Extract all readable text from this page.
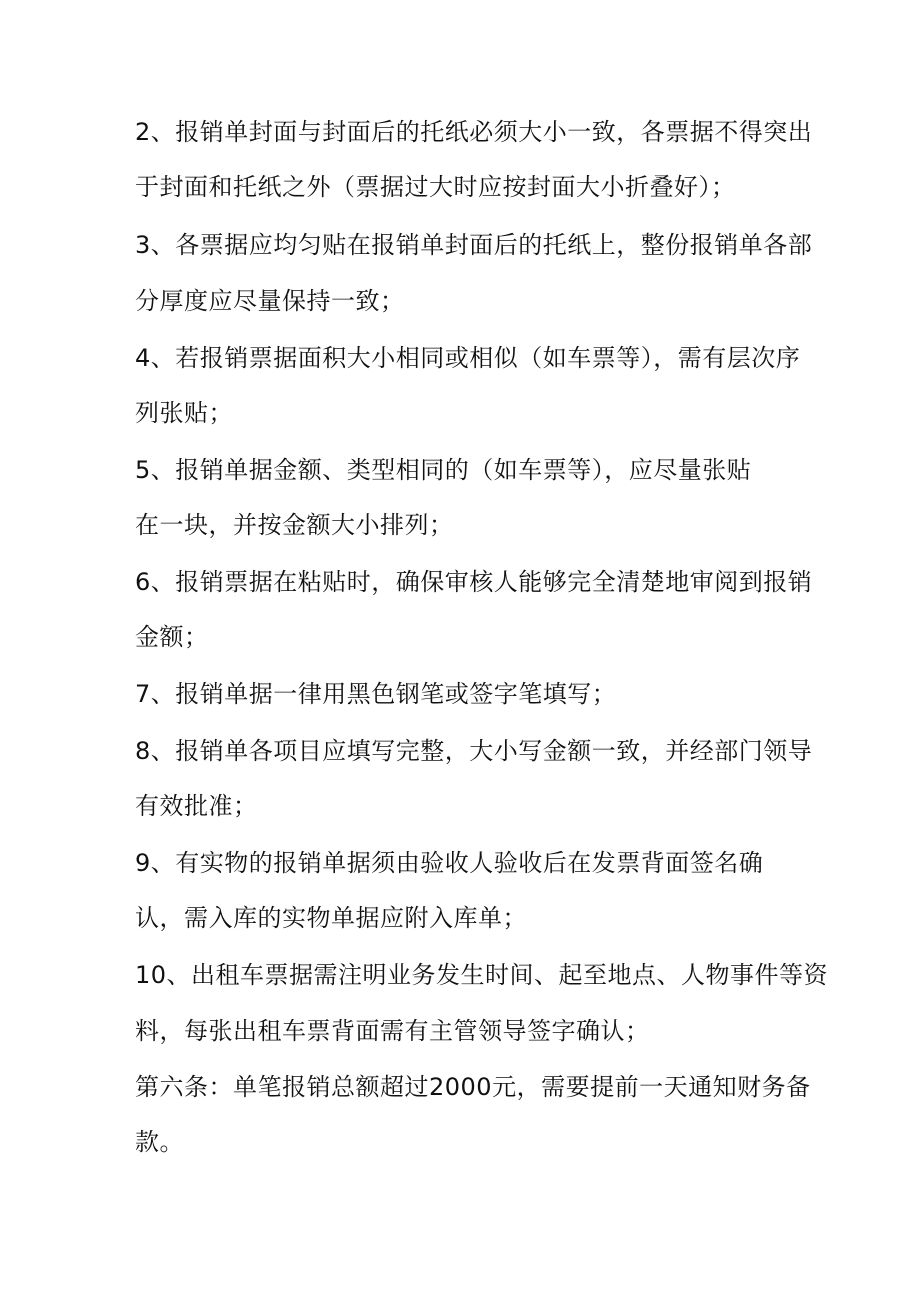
2、报销单封面与封面后的托纸必须大小一致，各票据不得突出
于封面和托纸之外（票据过大时应按封面大小折叠好）；
3、各票据应均匀贴在报销单封面后的托纸上，整份报销单各部
分厚度应尽量保持一致；
4、若报销票据面积大小相同或相似（如车票等），需有层次序
列张贴；
5、报销单据金额、类型相同的（如车票等），应尽量张贴
在一块，并按金额大小排列；
6、报销票据在粘贴时，确保审核人能够完全清楚地审阅到报销
金额；
7、报销单据一律用黑色钢笔或签字笔填写；
8、报销单各项目应填写完整，大小写金额一致，并经部门领导
有效批准；
9、有实物的报销单据须由验收人验收后在发票背面签名确
认，需入库的实物单据应附入库单；
10、出租车票据需注明业务发生时间、起至地点、人物事件等资
料，每张出租车票背面需有主管领导签字确认；
第六条：单笔报销总额超过2000元，需要提前一天通知财务备
款。
